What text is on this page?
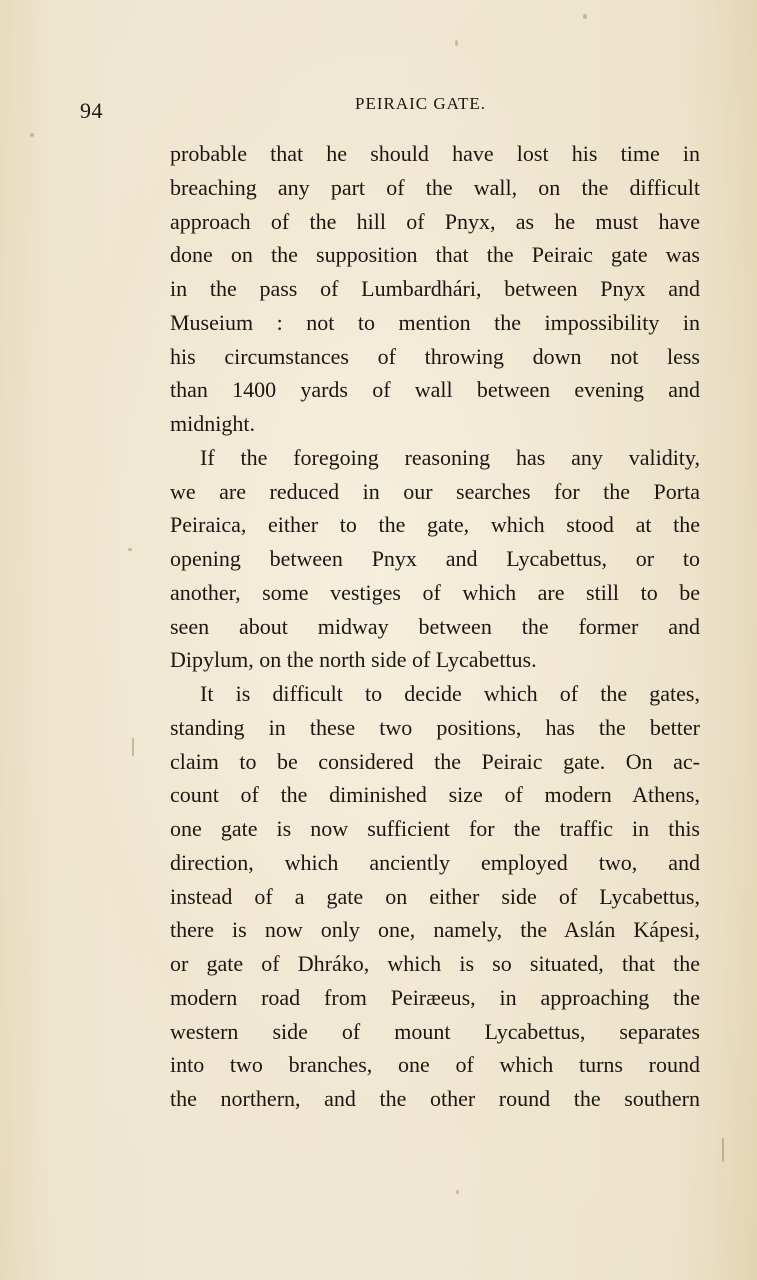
94	PEIRAIC GATE.
probable that he should have lost his time in
breaching any part of the wall, on the difficult
approach of the hill of Pnyx, as he must have
done on the supposition that the Peiraic gate was
in the pass of Lumbardhári, between Pnyx and
Museium : not to mention the impossibility in
his circumstances of throwing down not less
than 1400 yards of wall between evening and
midnight.
If the foregoing reasoning has any validity,
we are reduced in our searches for the Porta
Peiraica, either to the gate, which stood at the
opening between Pnyx and Lycabettus, or to
another, some vestiges of which are still to be
seen about midway between the former and
Dipylum, on the north side of Lycabettus.
It is difficult to decide which of the gates,
standing in these two positions, has the better
claim to be considered the Peiraic gate. On ac-
count of the diminished size of modern Athens,
one gate is now sufficient for the traffic in this
direction, which anciently employed two, and
instead of a gate on either side of Lycabettus,
there is now only one, namely, the Aslán Kápesi,
or gate of Dhráko, which is so situated, that the
modern road from Peiræeus, in approaching the
western side of mount Lycabettus, separates
into two branches, one of which turns round
the northern, and the other round the southern
